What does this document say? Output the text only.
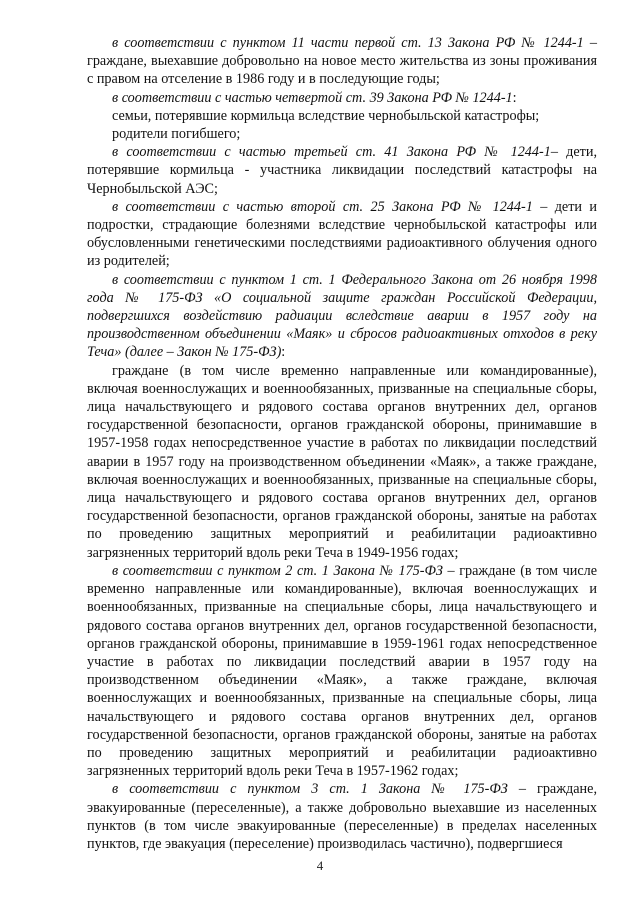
в соответствии с пунктом 11 части первой ст. 13 Закона РФ № 1244-1 – граждане, выехавшие добровольно на новое место жительства из зоны проживания с правом на отселение в 1986 году и в последующие годы;

в соответствии с частью четвертой ст. 39 Закона РФ № 1244-1:

семьи, потерявшие кормильца вследствие чернобыльской катастрофы;

родители погибшего;

в соответствии с частью третьей ст. 41 Закона РФ № 1244-1– дети, потерявшие кормильца - участника ликвидации последствий катастрофы на Чернобыльской АЭС;

в соответствии с частью второй ст. 25 Закона РФ № 1244-1 – дети и подростки, страдающие болезнями вследствие чернобыльской катастрофы или обусловленными генетическими последствиями радиоактивного облучения одного из родителей;

в соответствии с пунктом 1 ст. 1 Федерального Закона от 26 ноября 1998 года № 175-ФЗ «О социальной защите граждан Российской Федерации, подвергшихся воздействию радиации вследствие аварии в 1957 году на производственном объединении «Маяк» и сбросов радиоактивных отходов в реку Теча» (далее – Закон № 175-ФЗ):

граждане (в том числе временно направленные или командированные), включая военнослужащих и военнообязанных, призванные на специальные сборы, лица начальствующего и рядового состава органов внутренних дел, органов государственной безопасности, органов гражданской обороны, принимавшие в 1957-1958 годах непосредственное участие в работах по ликвидации последствий аварии в 1957 году на производственном объединении «Маяк», а также граждане, включая военнослужащих и военнообязанных, призванные на специальные сборы, лица начальствующего и рядового состава органов внутренних дел, органов государственной безопасности, органов гражданской обороны, занятые на работах по проведению защитных мероприятий и реабилитации радиоактивно загрязненных территорий вдоль реки Теча в 1949-1956 годах;

в соответствии с пунктом 2 ст. 1 Закона № 175-ФЗ – граждане (в том числе временно направленные или командированные), включая военнослужащих и военнообязанных, призванные на специальные сборы, лица начальствующего и рядового состава органов внутренних дел, органов государственной безопасности, органов гражданской обороны, принимавшие в 1959-1961 годах непосредственное участие в работах по ликвидации последствий аварии в 1957 году на производственном объединении «Маяк», а также граждане, включая военнослужащих и военнообязанных, призванные на специальные сборы, лица начальствующего и рядового состава органов внутренних дел, органов государственной безопасности, органов гражданской обороны, занятые на работах по проведению защитных мероприятий и реабилитации радиоактивно загрязненных территорий вдоль реки Теча в 1957-1962 годах;

в соответствии с пунктом 3 ст. 1 Закона № 175-ФЗ – граждане, эвакуированные (переселенные), а также добровольно выехавшие из населенных пунктов (в том числе эвакуированные (переселенные) в пределах населенных пунктов, где эвакуация (переселение) производилась частично), подвергшиеся

4
